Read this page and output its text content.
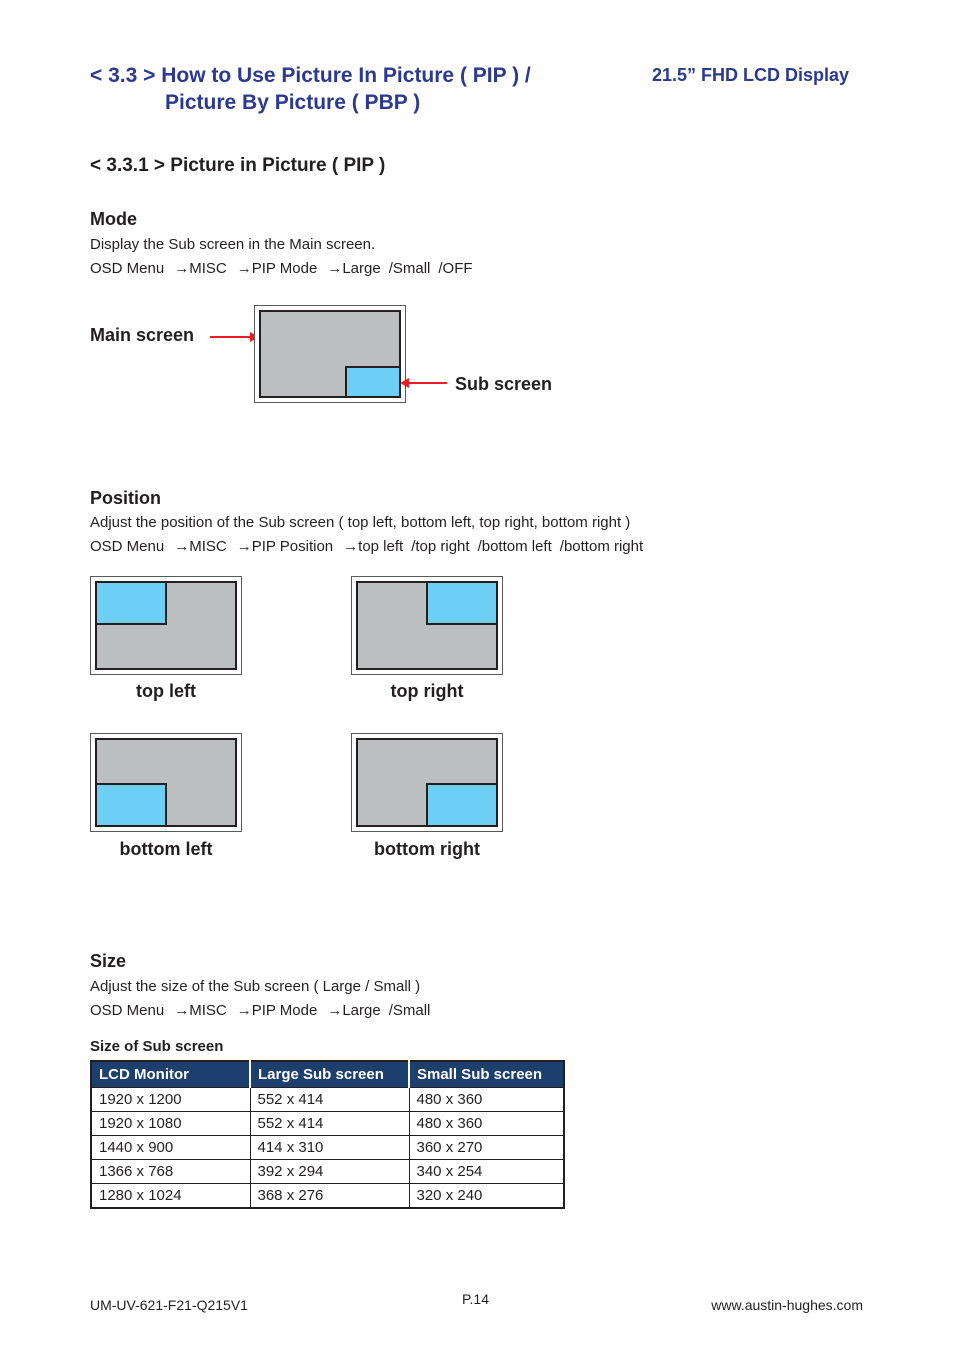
< 3.3 > How to Use Picture In Picture ( PIP ) /
Picture By Picture ( PBP )
21.5” FHD LCD Display
< 3.3.1 > Picture in Picture ( PIP )
Mode
Display the Sub screen in the Main screen.
OSD Menu →MISC →PIP Mode →Large /Small /OFF
Main screen
Sub screen
Position
Adjust the position of the Sub screen ( top left, bottom left, top right, bottom right )
OSD Menu →MISC →PIP Position →top left /top right /bottom left /bottom right
top left	top right
bottom left	bottom right
Size
Adjust the size of the Sub screen ( Large / Small )
OSD Menu →MISC →PIP Mode →Large /Small
Size of Sub screen
LCD Monitor	Large Sub screen	Small Sub screen
1920 x 1200	552 x 414	480 x 360
1920 x 1080	552 x 414	480 x 360
1440 x 900	414 x 310	360 x 270
1366 x 768	392 x 294	340 x 254
1280 x 1024	368 x 276	320 x 240
UM-UV-621-F21-Q215V1	P.14	www.austin-hughes.com
